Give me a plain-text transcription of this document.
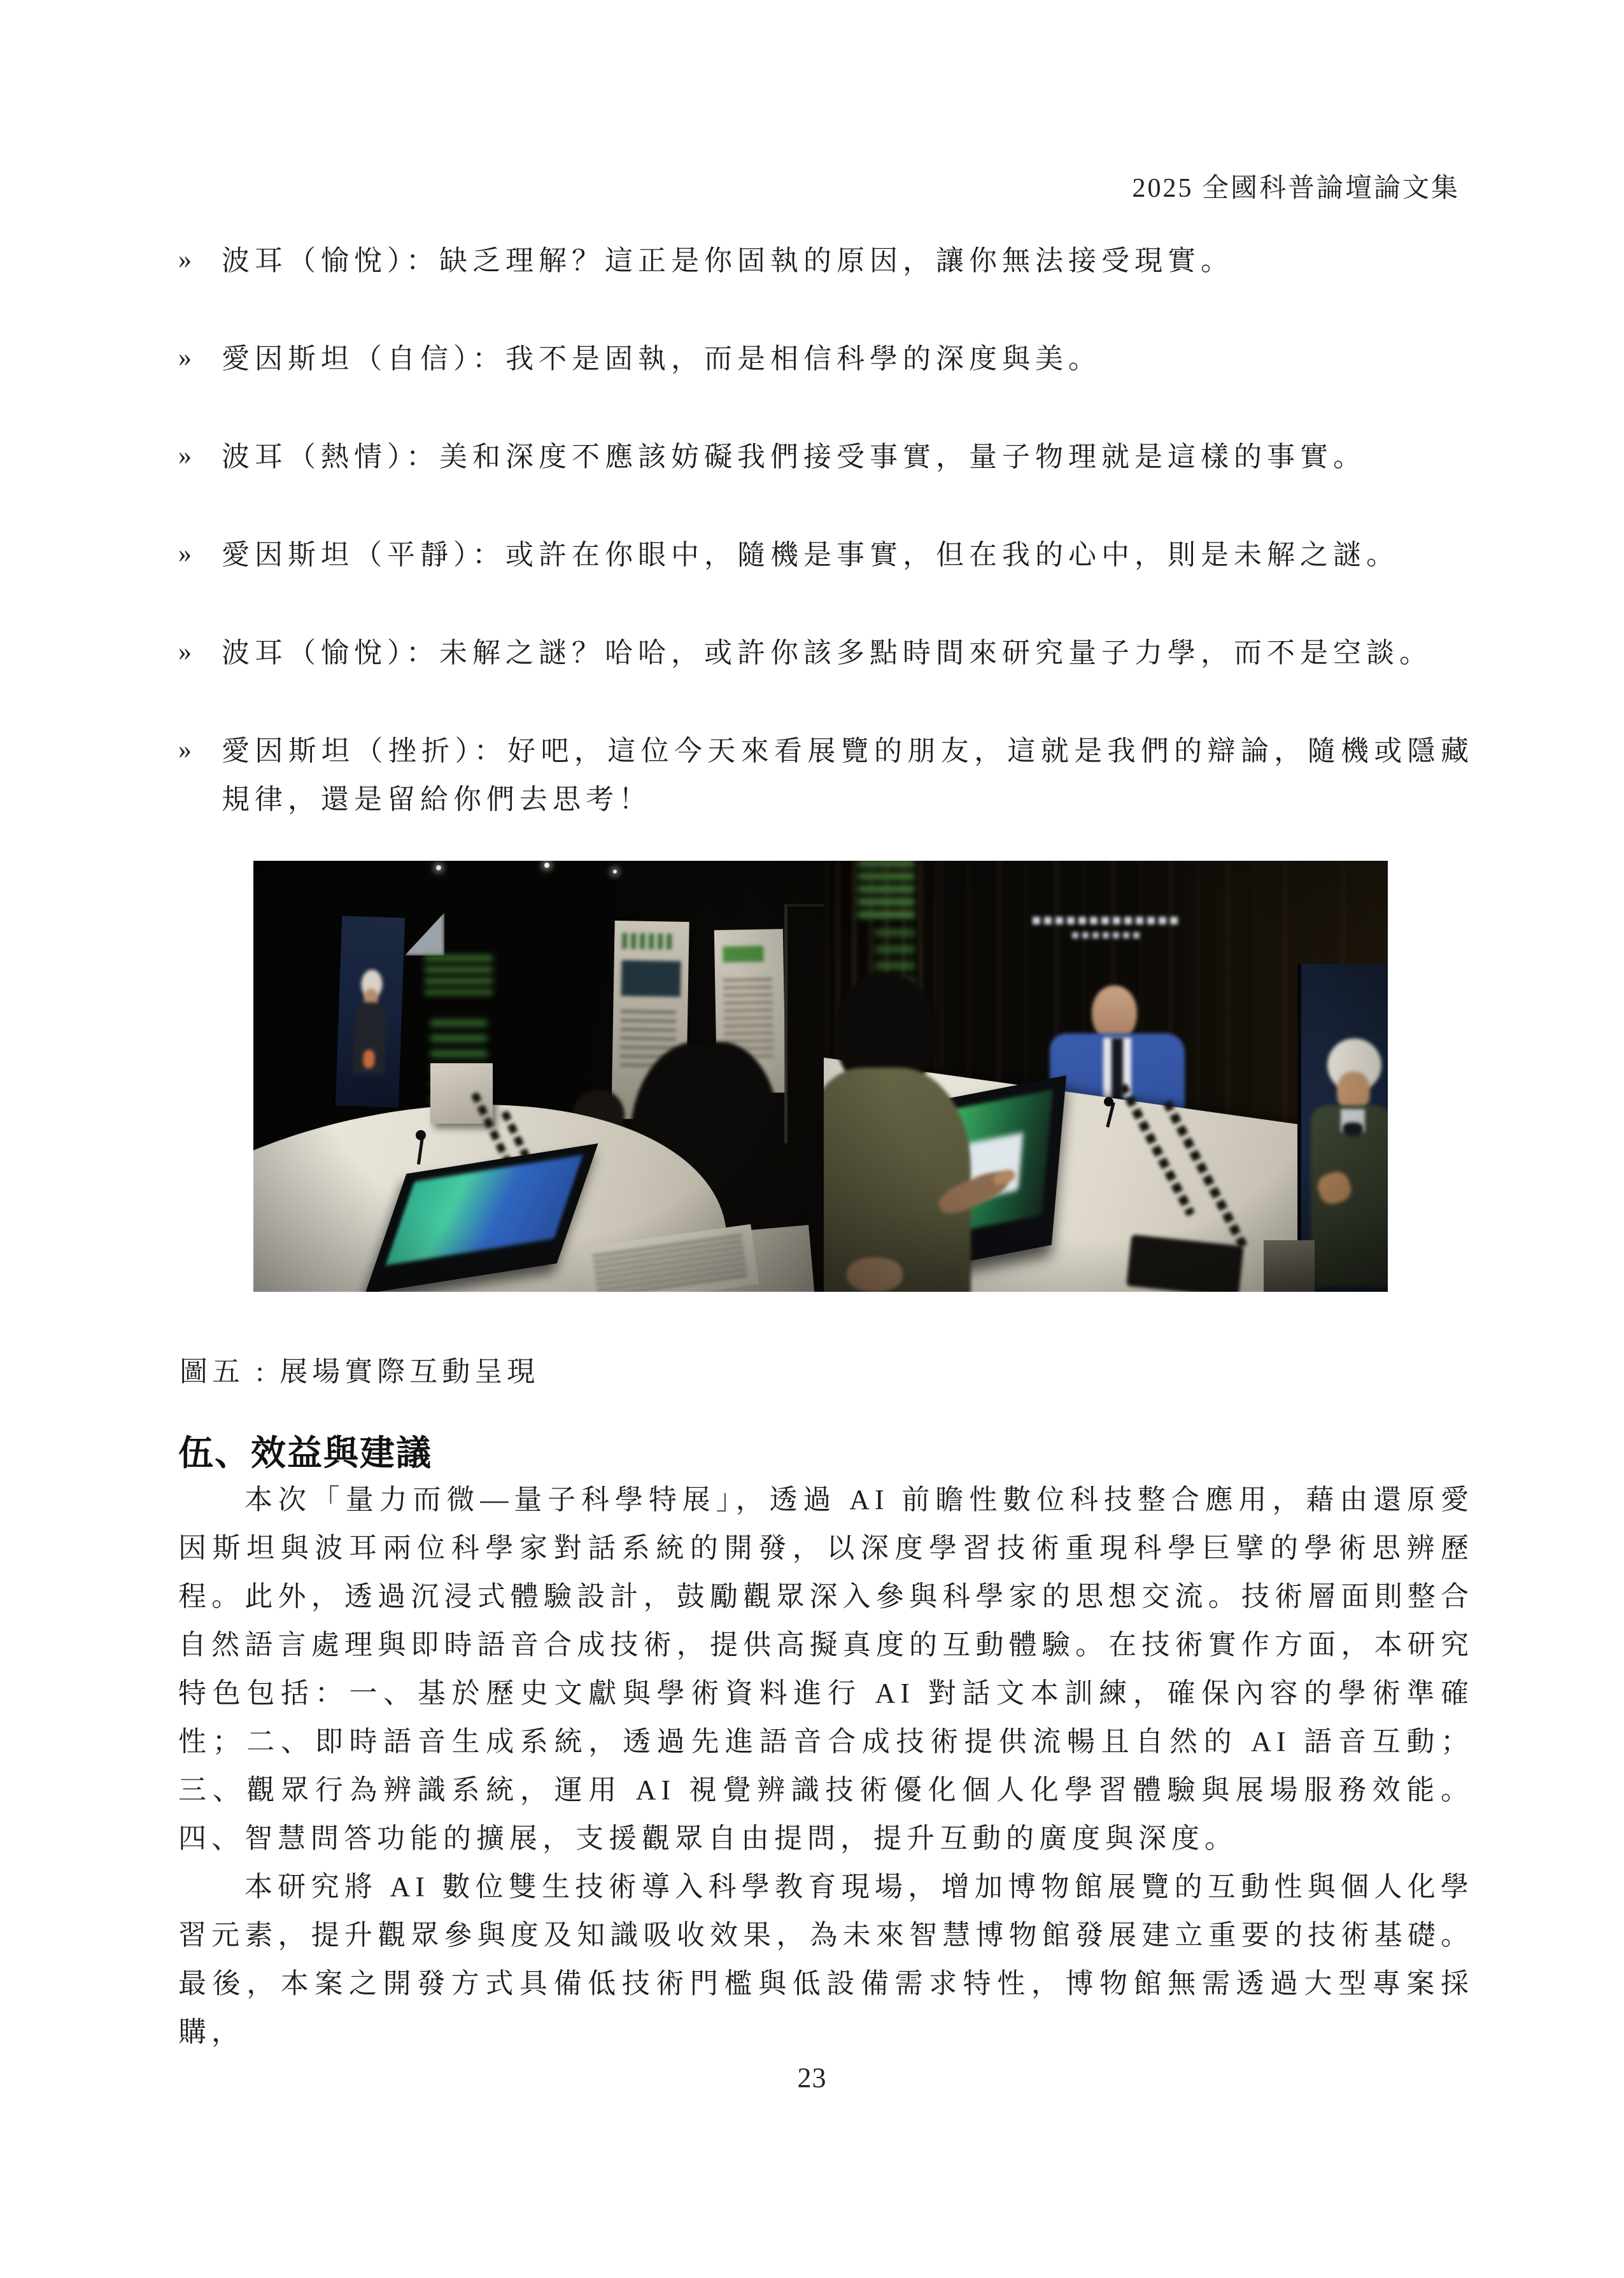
2025 全國科普論壇論文集
» 波耳（愉悅）：缺乏理解？這正是你固執的原因，讓你無法接受現實。
» 愛因斯坦（自信）：我不是固執，而是相信科學的深度與美。
» 波耳（熱情）：美和深度不應該妨礙我們接受事實，量子物理就是這樣的事實。
» 愛因斯坦（平靜）：或許在你眼中，隨機是事實，但在我的心中，則是未解之謎。
» 波耳（愉悅）：未解之謎？哈哈，或許你該多點時間來研究量子力學，而不是空談。
» 愛因斯坦（挫折）：好吧，這位今天來看展覽的朋友，這就是我們的辯論，隨機或隱藏規律，還是留給你們去思考！
圖五 : 展場實際互動呈現
伍、效益與建議

本次「量力而微—量子科學特展」，透過 AI 前瞻性數位科技整合應用，藉由還原愛因斯坦與波耳兩位科學家對話系統的開發，以深度學習技術重現科學巨擘的學術思辨歷程。此外，透過沉浸式體驗設計，鼓勵觀眾深入參與科學家的思想交流。技術層面則整合自然語言處理與即時語音合成技術，提供高擬真度的互動體驗。在技術實作方面，本研究特色包括：一、基於歷史文獻與學術資料進行 AI 對話文本訓練，確保內容的學術準確性；二、即時語音生成系統，透過先進語音合成技術提供流暢且自然的 AI 語音互動；三、觀眾行為辨識系統，運用 AI 視覺辨識技術優化個人化學習體驗與展場服務效能。四、智慧問答功能的擴展，支援觀眾自由提問，提升互動的廣度與深度。

本研究將 AI 數位雙生技術導入科學教育現場，增加博物館展覽的互動性與個人化學習元素，提升觀眾參與度及知識吸收效果，為未來智慧博物館發展建立重要的技術基礎。最後，本案之開發方式具備低技術門檻與低設備需求特性，博物館無需透過大型專案採購，

23
